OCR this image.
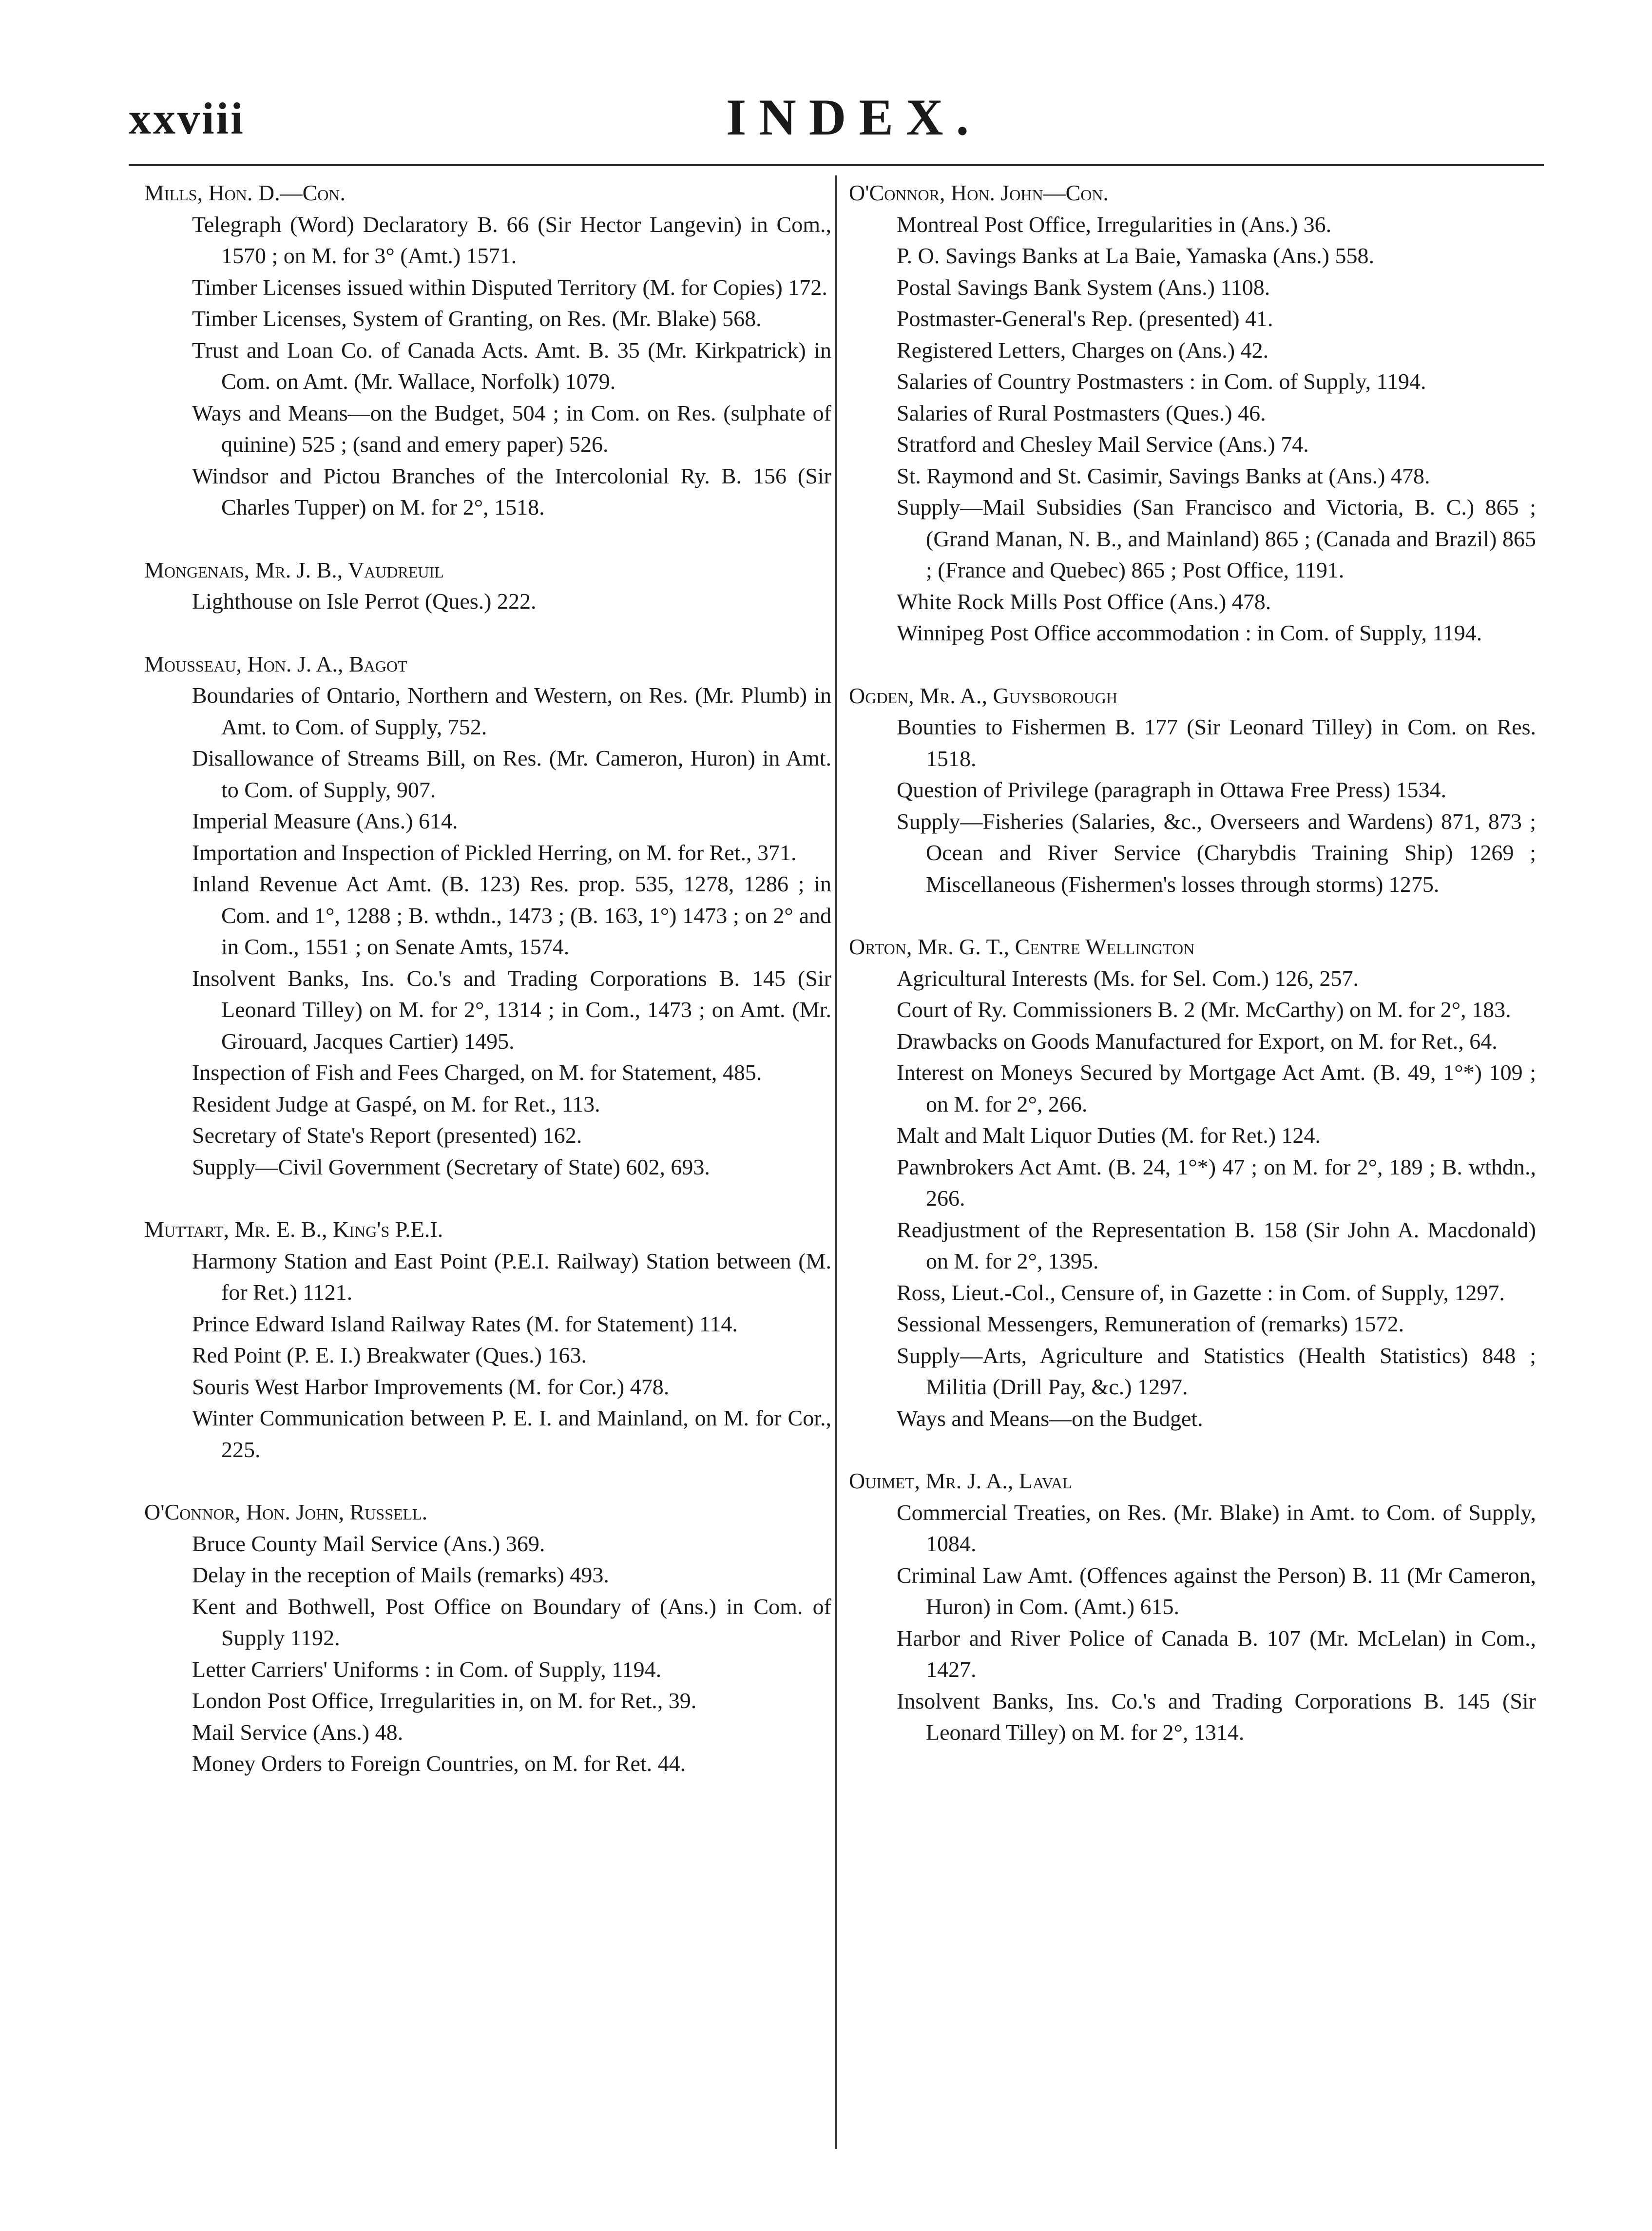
xxviii	INDEX.
Mills, Hon. D.—Con.
Telegraph (Word) Declaratory B. 66 (Sir Hector Langevin) in Com., 1570 ; on M. for 3° (Amt.) 1571.
Timber Licenses issued within Disputed Territory (M. for Copies) 172.
Timber Licenses, System of Granting, on Res. (Mr. Blake) 568.
Trust and Loan Co. of Canada Acts. Amt. B. 35 (Mr. Kirkpatrick) in Com. on Amt. (Mr. Wallace, Norfolk) 1079.
Ways and Means—on the Budget, 504 ; in Com. on Res. (sulphate of quinine) 525 ; (sand and emery paper) 526.
Windsor and Pictou Branches of the Intercolonial Ry. B. 156 (Sir Charles Tupper) on M. for 2°, 1518.
Mongenais, Mr. J. B., Vaudreuil
Lighthouse on Isle Perrot (Ques.) 222.
Mousseau, Hon. J. A., Bagot
Boundaries of Ontario, Northern and Western, on Res. (Mr. Plumb) in Amt. to Com. of Supply, 752.
Disallowance of Streams Bill, on Res. (Mr. Cameron, Huron) in Amt. to Com. of Supply, 907.
Imperial Measure (Ans.) 614.
Importation and Inspection of Pickled Herring, on M. for Ret., 371.
Inland Revenue Act Amt. (B. 123) Res. prop. 535, 1278, 1286 ; in Com. and 1°, 1288 ; B. wthdn., 1473 ; (B. 163, 1°) 1473 ; on 2° and in Com., 1551 ; on Senate Amts, 1574.
Insolvent Banks, Ins. Co.'s and Trading Corporations B. 145 (Sir Leonard Tilley) on M. for 2°, 1314 ; in Com., 1473 ; on Amt. (Mr. Girouard, Jacques Cartier) 1495.
Inspection of Fish and Fees Charged, on M. for Statement, 485.
Resident Judge at Gaspé, on M. for Ret., 113.
Secretary of State's Report (presented) 162.
Supply—Civil Government (Secretary of State) 602, 693.
Muttart, Mr. E. B., King's P.E.I.
Harmony Station and East Point (P.E.I. Railway) Station between (M. for Ret.) 1121.
Prince Edward Island Railway Rates (M. for Statement) 114.
Red Point (P. E. I.) Breakwater (Ques.) 163.
Souris West Harbor Improvements (M. for Cor.) 478.
Winter Communication between P. E. I. and Mainland, on M. for Cor., 225.
O'Connor, Hon. John, Russell.
Bruce County Mail Service (Ans.) 369.
Delay in the reception of Mails (remarks) 493.
Kent and Bothwell, Post Office on Boundary of (Ans.) in Com. of Supply 1192.
Letter Carriers' Uniforms : in Com. of Supply, 1194.
London Post Office, Irregularities in, on M. for Ret., 39.
Mail Service (Ans.) 48.
Money Orders to Foreign Countries, on M. for Ret. 44.
O'Connor, Hon. John—Con.
Montreal Post Office, Irregularities in (Ans.) 36.
P. O. Savings Banks at La Baie, Yamaska (Ans.) 558.
Postal Savings Bank System (Ans.) 1108.
Postmaster-General's Rep. (presented) 41.
Registered Letters, Charges on (Ans.) 42.
Salaries of Country Postmasters : in Com. of Supply, 1194.
Salaries of Rural Postmasters (Ques.) 46.
Stratford and Chesley Mail Service (Ans.) 74.
St. Raymond and St. Casimir, Savings Banks at (Ans.) 478.
Supply—Mail Subsidies (San Francisco and Victoria, B. C.) 865 ; (Grand Manan, N. B., and Mainland) 865 ; (Canada and Brazil) 865 ; (France and Quebec) 865 ; Post Office, 1191.
White Rock Mills Post Office (Ans.) 478.
Winnipeg Post Office accommodation : in Com. of Supply, 1194.
Ogden, Mr. A., Guysborough
Bounties to Fishermen B. 177 (Sir Leonard Tilley) in Com. on Res. 1518.
Question of Privilege (paragraph in Ottawa Free Press) 1534.
Supply—Fisheries (Salaries, &c., Overseers and Wardens) 871, 873 ; Ocean and River Service (Charybdis Training Ship) 1269 ; Miscellaneous (Fishermen's losses through storms) 1275.
Orton, Mr. G. T., Centre Wellington
Agricultural Interests (Ms. for Sel. Com.) 126, 257.
Court of Ry. Commissioners B. 2 (Mr. McCarthy) on M. for 2°, 183.
Drawbacks on Goods Manufactured for Export, on M. for Ret., 64.
Interest on Moneys Secured by Mortgage Act Amt. (B. 49, 1°*) 109 ; on M. for 2°, 266.
Malt and Malt Liquor Duties (M. for Ret.) 124.
Pawnbrokers Act Amt. (B. 24, 1°*) 47 ; on M. for 2°, 189 ; B. wthdn., 266.
Readjustment of the Representation B. 158 (Sir John A. Macdonald) on M. for 2°, 1395.
Ross, Lieut.-Col., Censure of, in Gazette : in Com. of Supply, 1297.
Sessional Messengers, Remuneration of (remarks) 1572.
Supply—Arts, Agriculture and Statistics (Health Statistics) 848 ; Militia (Drill Pay, &c.) 1297.
Ways and Means—on the Budget.
Ouimet, Mr. J. A., Laval
Commercial Treaties, on Res. (Mr. Blake) in Amt. to Com. of Supply, 1084.
Criminal Law Amt. (Offences against the Person) B. 11 (Mr Cameron, Huron) in Com. (Amt.) 615.
Harbor and River Police of Canada B. 107 (Mr. McLelan) in Com., 1427.
Insolvent Banks, Ins. Co.'s and Trading Corporations B. 145 (Sir Leonard Tilley) on M. for 2°, 1314.
